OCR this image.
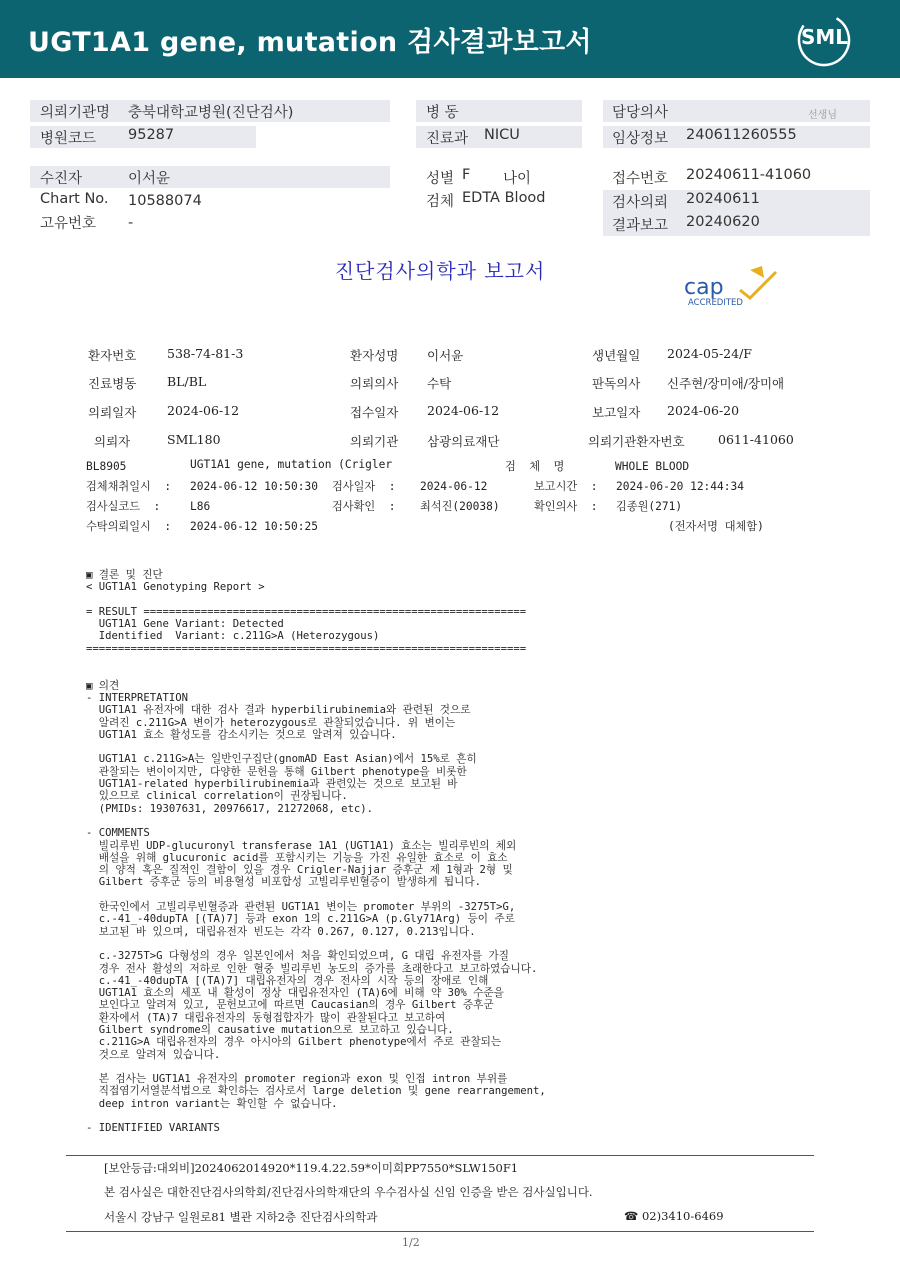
UGT1A1 gene, mutation 검사결과보고서	SML
의뢰기관명 충북대학교병원(진단검사)
병원코드 95287
병 동
진료과 NICU
담당의사	선생님
임상정보 240611260555
수진자	이서윤
Chart No. 10588074
고유번호 -
성별 F 나이
검체 EDTA Blood
접수번호 20240611-41060
검사의뢰 20240611
결과보고 20240620
진단검사의학과 보고서
cap
ACCREDITED
환자번호 538-74-81-3	환자성명 이서윤	생년월일 2024-05-24/F
진료병동 BL/BL	의뢰의사 수탁	판독의사 신주현/장미애/장미애
의뢰일자 2024-06-12	접수일자 2024-06-12	보고일자 2024-06-20
의뢰자	SML180	의뢰기관 삼광의료재단	의뢰기관환자번호	0611-41060
BL8905	UGT1A1 gene, mutation (Crigler	검  체  명	WHOLE BLOOD
검체채취일시  : 2024-06-12 10:50:30 검사일자  : 2024-06-12	보고시간  : 2024-06-20 12:44:34
검사실코드  :	L86	검사확인  : 최석진(20038)	확인의사  : 김종원(271)
수탁의뢰일시  : 2024-06-12 10:50:25	(전자서명 대체함)
▣ 결론 및 진단
< UGT1A1 Genotyping Report >

= RESULT ============================================================
UGT1A1 Gene Variant: Detected
Identified  Variant: c.211G>A (Heterozygous)
=====================================================================

▣ 의견
- INTERPRETATION
UGT1A1 유전자에 대한 검사 결과 hyperbilirubinemia와 관련된 것으로
알려진 c.211G>A 변이가 heterozygous로 관찰되었습니다. 위 변이는
UGT1A1 효소 활성도를 감소시키는 것으로 알려져 있습니다.

UGT1A1 c.211G>A는 일반인구집단(gnomAD East Asian)에서 15%로 흔히
관찰되는 변이이지만, 다양한 문헌을 통해 Gilbert phenotype을 비롯한
UGT1A1-related hyperbilirubinemia과 관련있는 것으로 보고된 바
있으므로 clinical correlation이 권장됩니다.
(PMIDs: 19307631, 20976617, 21272068, etc).

- COMMENTS
빌리루빈 UDP-glucuronyl transferase 1A1 (UGT1A1) 효소는 빌리루빈의 체외
배설을 위해 glucuronic acid를 포함시키는 기능을 가진 유일한 효소로 이 효소
의 양적 혹은 질적인 결함이 있을 경우 Crigler-Najjar 증후군 제 1형과 2형 및
Gilbert 증후군 등의 비용혈성 비포합성 고빌리루빈혈증이 발생하게 됩니다.

한국인에서 고빌리루빈혈증과 관련된 UGT1A1 변이는 promoter 부위의 -3275T>G,
c.-41_-40dupTA [(TA)7] 등과 exon 1의 c.211G>A (p.Gly71Arg) 등이 주로
보고된 바 있으며, 대립유전자 빈도는 각각 0.267, 0.127, 0.213입니다.

c.-3275T>G 다형성의 경우 일본인에서 처음 확인되었으며, G 대립 유전자를 가질
경우 전사 활성의 저하로 인한 혈중 빌리루빈 농도의 증가를 초래한다고 보고하였습니다.
c.-41_-40dupTA [(TA)7] 대립유전자의 경우 전사의 시작 등의 장애로 인해
UGT1A1 효소의 세포 내 활성이 정상 대립유전자인 (TA)6에 비해 약 30% 수준을
보인다고 알려져 있고, 문헌보고에 따르면 Caucasian의 경우 Gilbert 증후군
환자에서 (TA)7 대립유전자의 동형접합자가 많이 관찰된다고 보고하여
Gilbert syndrome의 causative mutation으로 보고하고 있습니다.
c.211G>A 대립유전자의 경우 아시아의 Gilbert phenotype에서 주로 관찰되는
것으로 알려져 있습니다.

본 검사는 UGT1A1 유전자의 promoter region과 exon 및 인접 intron 부위를
직접염기서열분석법으로 확인하는 검사로서 large deletion 및 gene rearrangement,
deep intron variant는 확인할 수 없습니다.

- IDENTIFIED VARIANTS
[보안등급:대외비]2024062014920*119.4.22.59*이미희PP7550*SLW150F1
본 검사실은 대한진단검사의학회/진단검사의학재단의 우수검사실 신임 인증을 받은 검사실입니다.
서울시 강남구 일원로81 별관 지하2층 진단검사의학과	☎ 02)3410-6469
1/2
